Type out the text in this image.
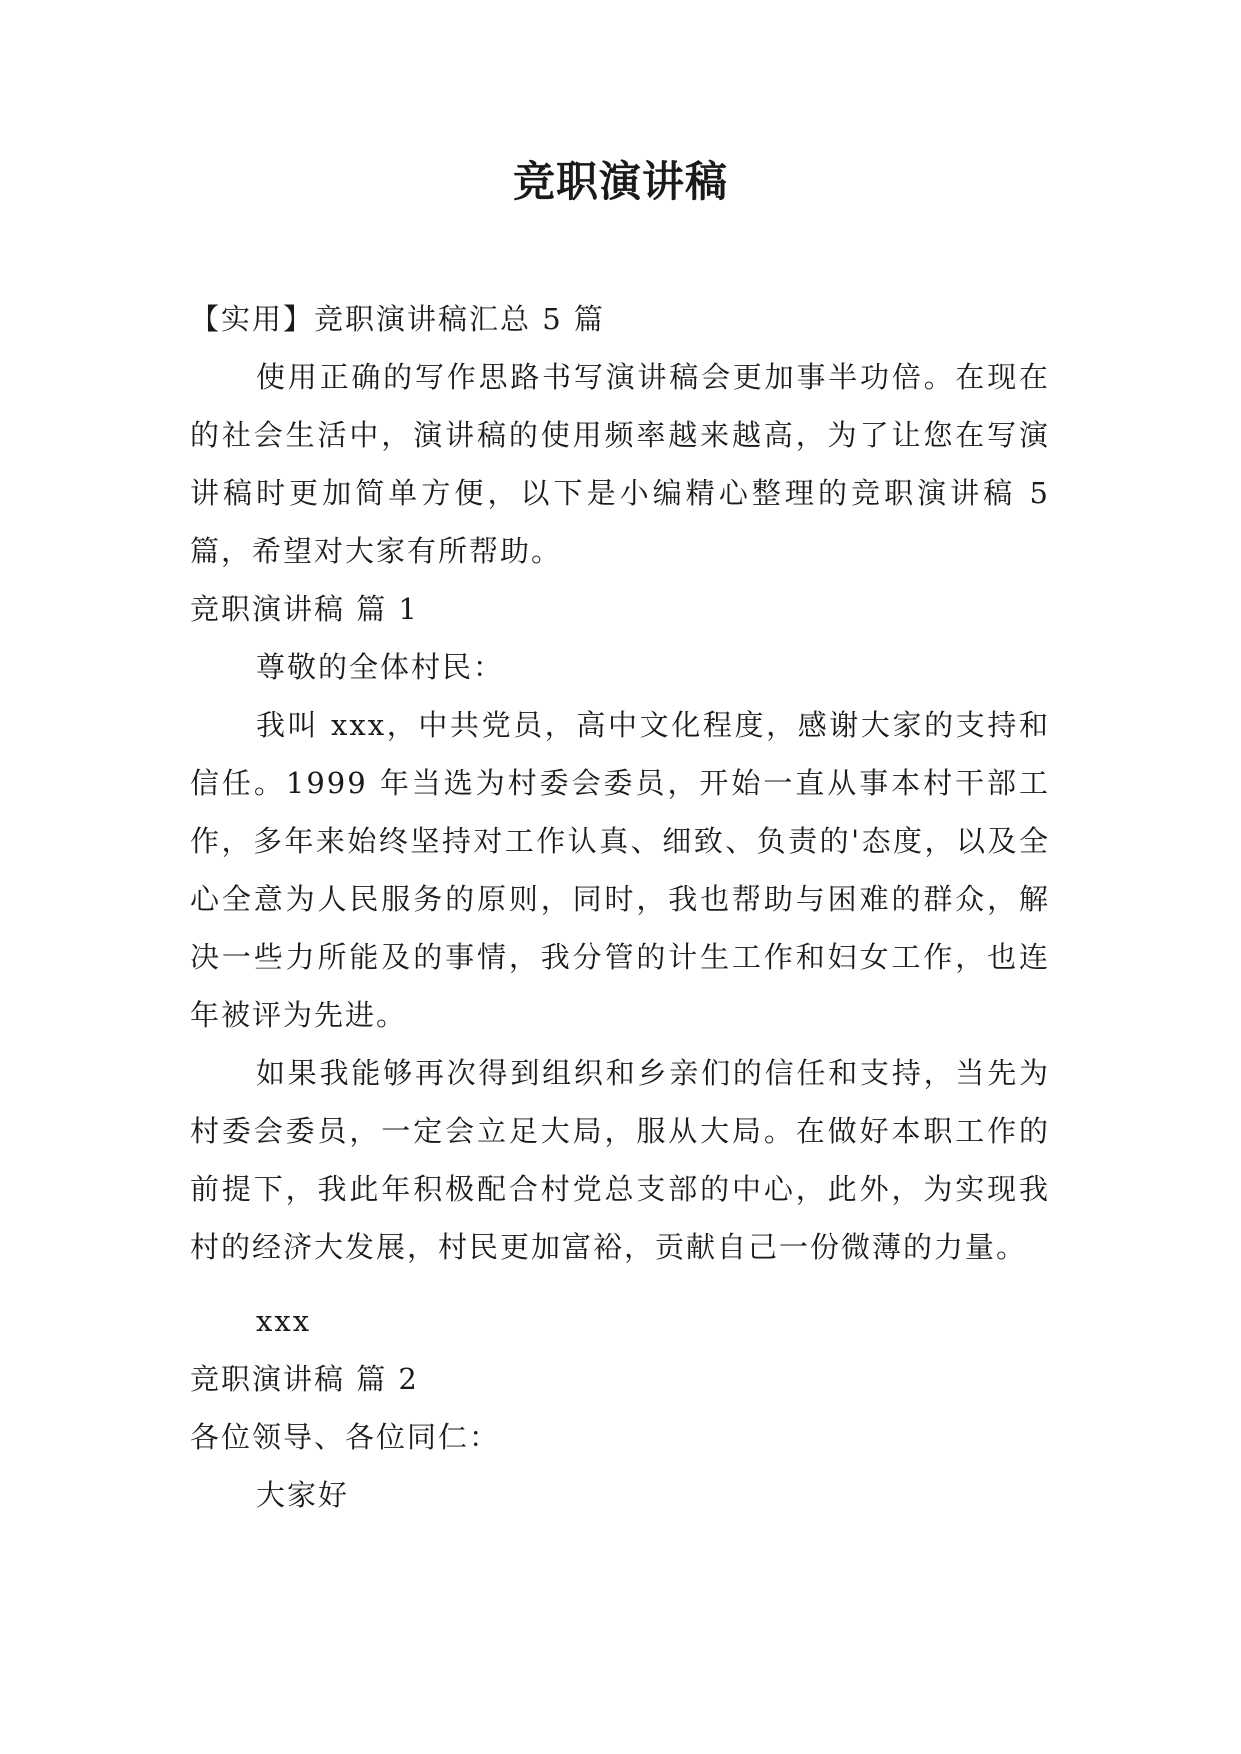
竞职演讲稿

【实用】竞职演讲稿汇总 5 篇

使用正确的写作思路书写演讲稿会更加事半功倍。在现在的社会生活中，演讲稿的使用频率越来越高，为了让您在写演讲稿时更加简单方便，以下是小编精心整理的竞职演讲稿 5 篇，希望对大家有所帮助。

竞职演讲稿 篇 1

尊敬的全体村民：

我叫 xxx，中共党员，高中文化程度，感谢大家的支持和信任。1999 年当选为村委会委员，开始一直从事本村干部工作，多年来始终坚持对工作认真、细致、负责的'态度，以及全心全意为人民服务的原则，同时，我也帮助与困难的群众，解决一些力所能及的事情，我分管的计生工作和妇女工作，也连年被评为先进。

如果我能够再次得到组织和乡亲们的信任和支持，当先为村委会委员，一定会立足大局，服从大局。在做好本职工作的前提下，我此年积极配合村党总支部的中心，此外，为实现我村的经济大发展，村民更加富裕，贡献自己一份微薄的力量。

xxx

竞职演讲稿 篇 2

各位领导、各位同仁：

大家好
